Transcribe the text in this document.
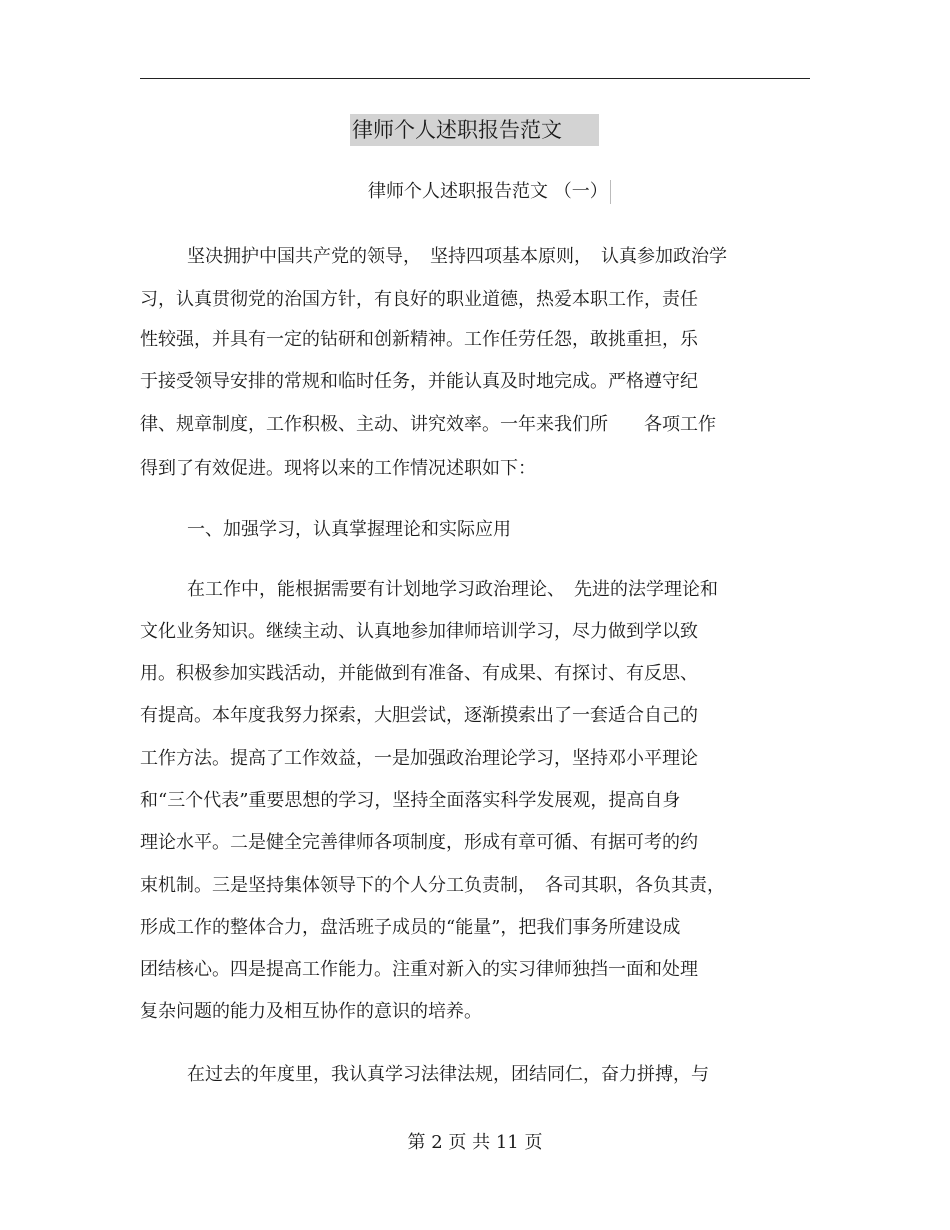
律师个人述职报告范文
律师个人述职报告范文 （一）
坚决拥护中国共产党的领导，　坚持四项基本原则，　认真参加政治学
习，认真贯彻党的治国方针，有良好的职业道德，热爱本职工作，责任
性较强，并具有一定的钻研和创新精神。工作任劳任怨，敢挑重担，乐
于接受领导安排的常规和临时任务，并能认真及时地完成。严格遵守纪
律、规章制度，工作积极、主动、讲究效率。一年来我们所　　各项工作
得到了有效促进。现将以来的工作情况述职如下：
一、加强学习，认真掌握理论和实际应用
在工作中，能根据需要有计划地学习政治理论、　先进的法学理论和
文化业务知识。继续主动、认真地参加律师培训学习，尽力做到学以致
用。积极参加实践活动，并能做到有准备、有成果、有探讨、有反思、
有提高。本年度我努力探索，大胆尝试，逐渐摸索出了一套适合自己的
工作方法。提高了工作效益，一是加强政治理论学习，坚持邓小平理论
和“三个代表”重要思想的学习，坚持全面落实科学发展观，提高自身
理论水平。二是健全完善律师各项制度，形成有章可循、有据可考的约
束机制。三是坚持集体领导下的个人分工负责制，　各司其职，各负其责，
形成工作的整体合力，盘活班子成员的“能量”，把我们事务所建设成
团结核心。四是提高工作能力。注重对新入的实习律师独挡一面和处理
复杂问题的能力及相互协作的意识的培养。
在过去的年度里，我认真学习法律法规，团结同仁，奋力拼搏，与
第 2 页 共 11 页
